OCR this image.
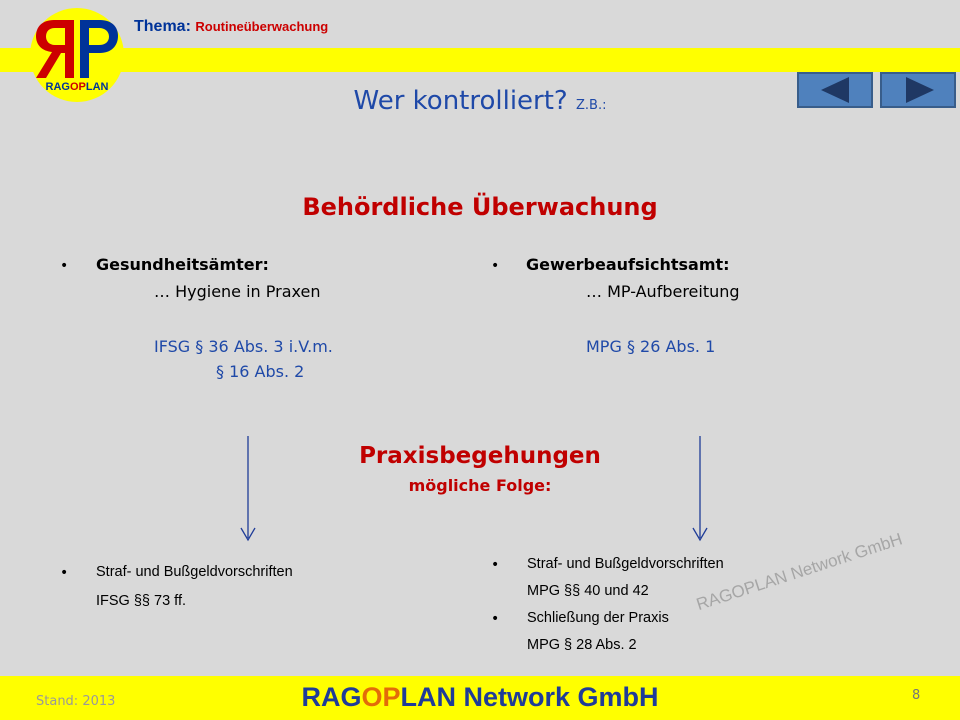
RAGOPLAN
Thema: Routineüberwachung
Wer kontrolliert? Z.B.:
Behördliche Überwachung
• Gesundheitsämter:
… Hygiene in Praxen
IFSG § 36 Abs. 3 i.V.m.
§ 16 Abs. 2
• Gewerbeaufsichtsamt:
… MP-Aufbereitung
MPG § 26 Abs. 1
Praxisbegehungen
mögliche Folge:
• Straf- und Bußgeldvorschriften
IFSG §§ 73 ff.
• Straf- und Bußgeldvorschriften
MPG §§ 40 und 42
• Schließung der Praxis
MPG § 28 Abs. 2
RAGOPLAN Network GmbH
Stand: 2013	RAGOPLAN Network GmbH	8
